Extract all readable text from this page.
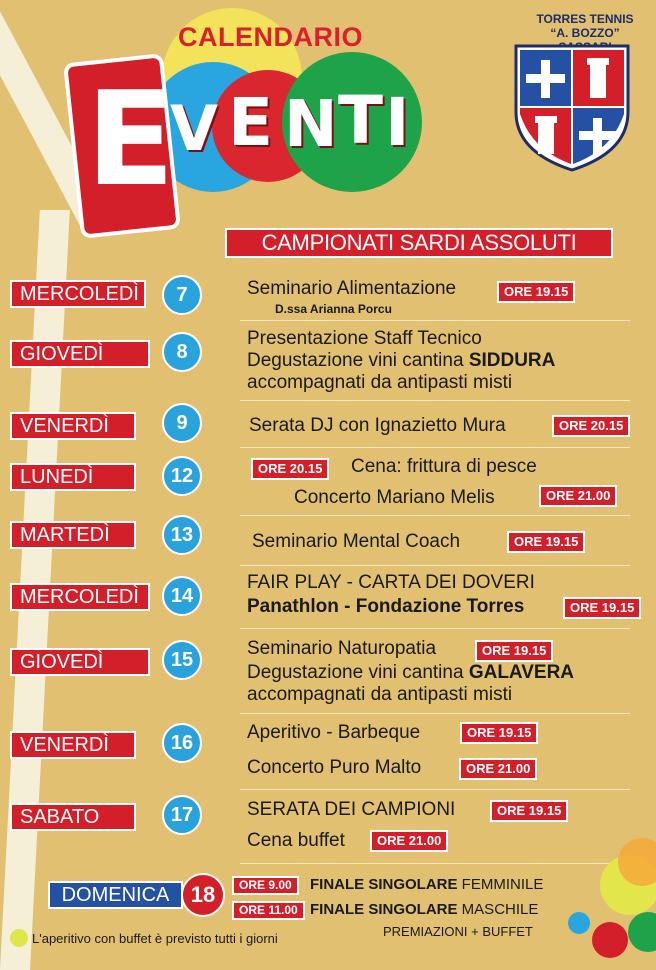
CALENDARIO
E
V E N T I
TORRES TENNIS
“A. BOZZO”
CAMPIONATI SARDI ASSOLUTI
MERCOLEDÌ	7	Seminario Alimentazione	ORE 19.15
D.ssa Arianna Porcu
GIOVEDÌ	8
Presentazione Staff Tecnico
Degustazione vini cantina SIDDURA
accompagnati da antipasti misti
VENERDÌ	9	Serata DJ con Ignazietto Mura	ORE 20.15
LUNEDÌ	12	ORE 20.15	Cena: frittura di pesce
Concerto Mariano Melis	ORE 21.00
MARTEDÌ	13	Seminario Mental Coach	ORE 19.15
MERCOLEDÌ	14
FAIR PLAY - CARTA DEI DOVERI
Panathlon - Fondazione Torres	ORE 19.15
GIOVEDÌ	15
Seminario Naturopatia	ORE 19.15
Degustazione vini cantina GALAVERA
accompagnati da antipasti misti
VENERDÌ	16	Aperitivo - Barbeque	ORE 19.15
Concerto Puro Malto	ORE 21.00
SABATO	17	SERATA DEI CAMPIONI	ORE 19.15
Cena buffet	ORE 21.00
DOMENICA 18	ORE 9.00	FINALE SINGOLARE FEMMINILE
ORE 11.00 FINALE SINGOLARE MASCHILE
PREMIAZIONI + BUFFET
L'aperitivo con buffet è previsto tutti i giorni
